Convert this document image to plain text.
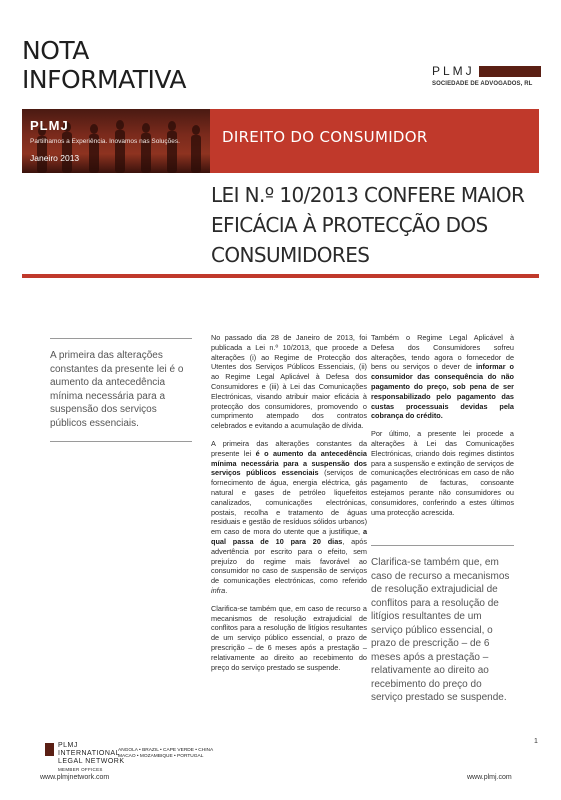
NOTA
INFORMATIVA	PLMJ
SOCIEDADE DE ADVOGADOS, RL
PLMJ
Partilhamos a Experiência. Inovamos nas Soluções.
Janeiro 2013
DIREITO DO CONSUMIDOR
LEI N.º 10/2013 CONFERE MAIOR
EFICÁCIA À PROTECÇÃO DOS
CONSUMIDORES
A primeira das alterações constantes da presente lei é o aumento da antecedência mínima necessária para a suspensão dos serviços públicos essenciais.

No passado dia 28 de Janeiro de 2013, foi publicada a Lei n.º 10/2013, que procede a alterações (i) ao Regime de Protecção dos Utentes dos Serviços Públicos Essenciais, (ii) ao Regime Legal Aplicável à Defesa dos Consumidores e (iii) à Lei das Comunicações Electrónicas, visando atribuir maior eficácia à protecção dos consumidores, promovendo o cumprimento atempado dos contratos celebrados e evitando a acumulação de dívida.

A primeira das alterações constantes da presente lei é o aumento da antecedência mínima necessária para a suspensão dos serviços públicos essenciais (serviços de fornecimento de água, energia eléctrica, gás natural e gases de petróleo liquefeitos canalizados, comunicações electrónicas, postais, recolha e tratamento de águas residuais e gestão de resíduos sólidos urbanos) em caso de mora do utente que a justifique, a qual passa de 10 para 20 dias, após advertência por escrito para o efeito, sem prejuízo do regime mais favorável ao consumidor no caso de suspensão de serviços de comunicações electrónicas, como referido infra.

Clarifica-se também que, em caso de recurso a mecanismos de resolução extrajudicial de conflitos para a resolução de litígios resultantes de um serviço público essencial, o prazo de prescrição – de 6 meses após a prestação – relativamente ao direito ao recebimento do preço do serviço prestado se suspende.

Também o Regime Legal Aplicável à Defesa dos Consumidores sofreu alterações, tendo agora o fornecedor de bens ou serviços o dever de informar o consumidor das consequência do não pagamento do preço, sob pena de ser responsabilizado pelo pagamento das custas processuais devidas pela cobrança do crédito.

Por último, a presente lei procede a alterações à Lei das Comunicações Electrónicas, criando dois regimes distintos para a suspensão e extinção de serviços de comunicações electrónicas em caso de não pagamento de facturas, consoante estejamos perante não consumidores ou consumidores, conferindo a estes últimos uma protecção acrescida.

Clarifica-se também que, em caso de recurso a mecanismos de resolução extrajudicial de conflitos para a resolução de litígios resultantes de um serviço público essencial, o prazo de prescrição – de 6 meses após a prestação – relativamente ao direito ao recebimento do preço do serviço prestado se suspende.
1
PLMJ
INTERNATIONAL
LEGAL NETWORK
MEMBER OFFICES
ANGOLA • BRAZIL • CAPE VERDE • CHINA
MACAO • MOZAMBIQUE • PORTUGAL
www.plmjnetwork.com	www.plmj.com
